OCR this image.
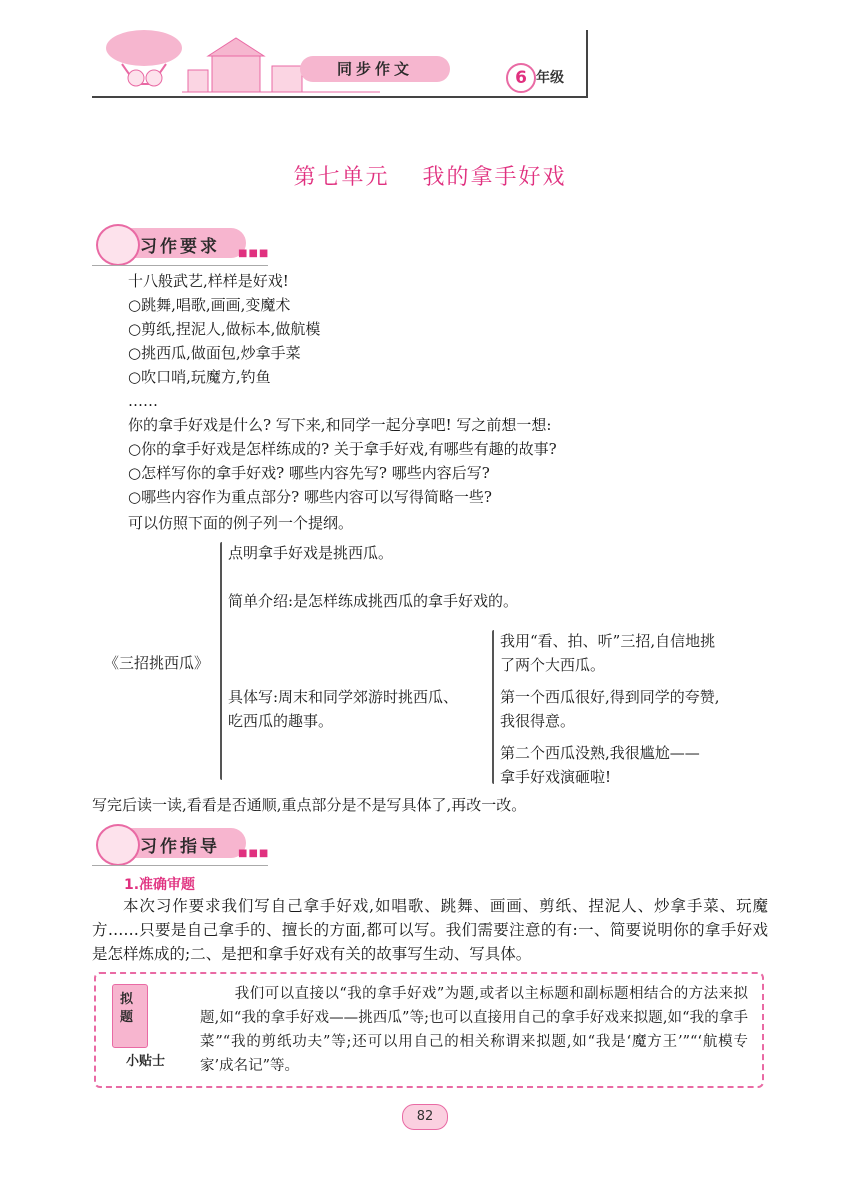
同步作文	6 年级
第七单元　 我的拿手好戏
习作要求 ■■■
十八般武艺,样样是好戏!
○跳舞,唱歌,画画,变魔术
○剪纸,捏泥人,做标本,做航模
○挑西瓜,做面包,炒拿手菜
○吹口哨,玩魔方,钓鱼
……
你的拿手好戏是什么? 写下来,和同学一起分享吧! 写之前想一想:
○你的拿手好戏是怎样练成的? 关于拿手好戏,有哪些有趣的故事?
○怎样写你的拿手好戏? 哪些内容先写? 哪些内容后写?
○哪些内容作为重点部分? 哪些内容可以写得简略一些?
可以仿照下面的例子列一个提纲。
《三招挑西瓜》
点明拿手好戏是挑西瓜。
简单介绍:是怎样练成挑西瓜的拿手好戏的。
具体写:周末和同学郊游时挑西瓜、
吃西瓜的趣事。
我用“看、拍、听”三招,自信地挑
了两个大西瓜。
第一个西瓜很好,得到同学的夸赞,
我很得意。
第二个西瓜没熟,我很尴尬——
拿手好戏演砸啦!
写完后读一读,看看是否通顺,重点部分是不是写具体了,再改一改。
习作指导 ■■■
1.准确审题
本次习作要求我们写自己拿手好戏,如唱歌、跳舞、画画、剪纸、捏泥人、炒拿手菜、玩魔方……只要是自己拿手的、擅长的方面,都可以写。我们需要注意的有:一、简要说明你的拿手好戏是怎样炼成的;二、是把和拿手好戏有关的故事写生动、写具体。
拟
题
小贴士
我们可以直接以“我的拿手好戏”为题,或者以主标题和副标题相结合的方法来拟题,如“我的拿手好戏——挑西瓜”等;也可以直接用自己的拿手好戏来拟题,如“我的拿手菜”“我的剪纸功夫”等;还可以用自己的相关称谓来拟题,如“我是‘魔方王’”“‘航模专家’成名记”等。
82
